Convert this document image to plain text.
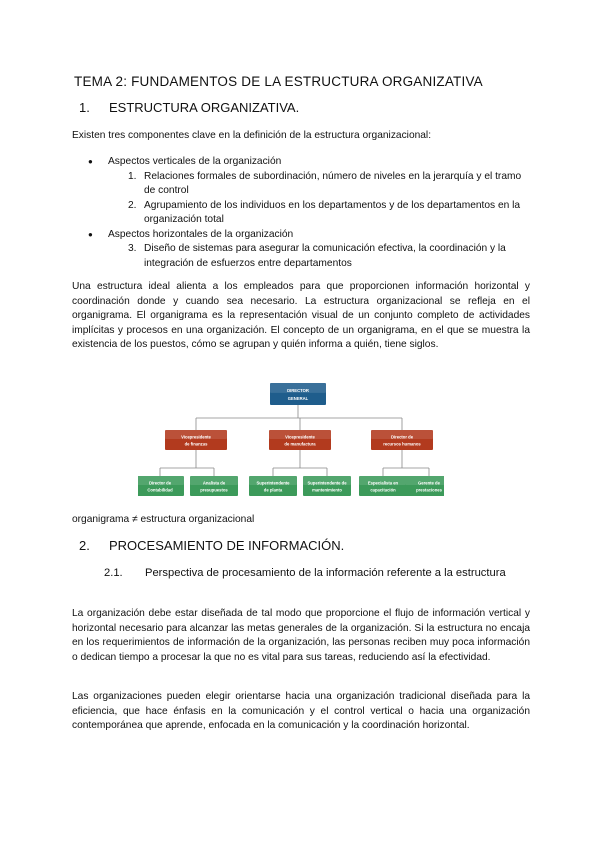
TEMA 2: FUNDAMENTOS DE LA ESTRUCTURA ORGANIZATIVA
1. ESTRUCTURA ORGANIZATIVA.
Existen tres componentes clave en la definición de la estructura organizacional:
● Aspectos verticales de la organización
1. Relaciones formales de subordinación, número de niveles en la jerarquía y el tramo de control
2. Agrupamiento de los individuos en los departamentos y de los departamentos en la organización total
● Aspectos horizontales de la organización
3. Diseño de sistemas para asegurar la comunicación efectiva, la coordinación y la integración de esfuerzos entre departamentos
Una estructura ideal alienta a los empleados para que proporcionen información horizontal y coordinación donde y cuando sea necesario. La estructura organizacional se refleja en el organigrama. El organigrama es la representación visual de un conjunto completo de actividades implícitas y procesos en una organización. El concepto de un organigrama, en el que se muestra la existencia de los puestos, cómo se agrupan y quién informa a quién, tiene siglos.
DIRECTOR
GENERAL
Vicepresidente
de finanzas
Vicepresidente
de manufactura
Director de
recursos humanos
Director de
Contabilidad
Analista de
presupuestos
Superintendente
de planta
Superintendente de
mantenimiento
Especialista en
capacitación
Gerente de
prestaciones
organigrama ≠ estructura organizacional
2. PROCESAMIENTO DE INFORMACIÓN.
2.1.	Perspectiva de procesamiento de la información referente a la estructura
La organización debe estar diseñada de tal modo que proporcione el flujo de información vertical y horizontal necesario para alcanzar las metas generales de la organización. Si la estructura no encaja en los requerimientos de información de la organización, las personas reciben muy poca información o dedican tiempo a procesar la que no es vital para sus tareas, reduciendo así la efectividad.
Las organizaciones pueden elegir orientarse hacia una organización tradicional diseñada para la eficiencia, que hace énfasis en la comunicación y el control vertical o hacia una organización contemporánea que aprende, enfocada en la comunicación y la coordinación horizontal.
